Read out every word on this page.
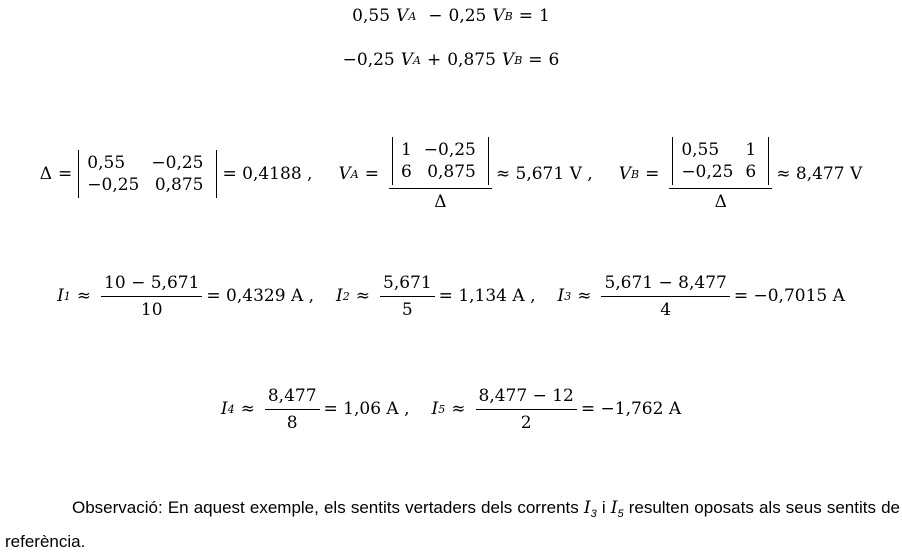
0,55 V A − 0,25 V B = 1
−0,25 V A + 0,875 V B = 6
Δ =
0,55	−0,25
−0,25	0,875
= 0,4188 , V A = 1	−0,25
6	0,875
Δ ≈ 5,671 V , V B = 0,55	1
−0,25	6
Δ ≈ 8,477 V
I $1 \approx \frac{10 - 5,671}{10} = 0,4329$ A , I $2 \approx \frac{5,671}{5} = 1,134$ A , I $3 \approx \frac{5,671 - 8,477}{4} = -0,7015$ A
I $4 \approx \frac{8,477}{8} = 1,06$ A , I $5 \approx \frac{8,477 - 12}{2} = -1,762$ A
Observació: En aquest exemple, els sentits vertaders dels corrents $I_3$ i $I_5$ resulten oposats als seus sentits de referència.
